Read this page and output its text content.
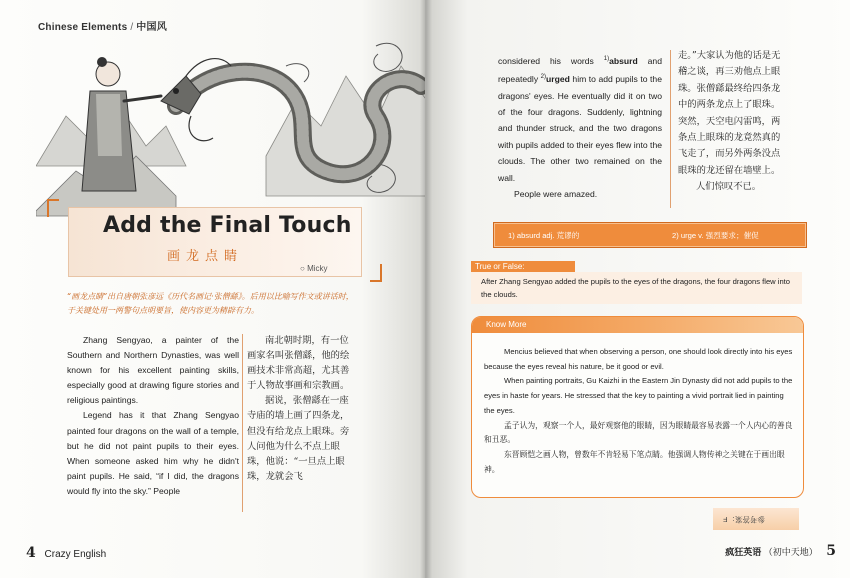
Chinese Elements / 中国风
Add the Final Touch
画龙点睛
○ Micky
“画龙点睛”出自唐朝张彦远《历代名画记·张僧繇》。后用以比喻写作文或讲话时，于关键处用一两警句点明要旨，使内容更为精辟有力。

Zhang Sengyao, a painter of the Southern and Northern Dynasties, was well known for his excellent painting skills, especially good at drawing figure stories and religious paintings.

Legend has it that Zhang Sengyao painted four dragons on the wall of a temple, but he did not paint pupils to their eyes. When someone asked him why he didn't paint pupils. He said, “if I did, the dragons would fly into the sky.” People

南北朝时期，有一位画家名叫张僧繇，他的绘画技术非常高超，尤其善于人物故事画和宗教画。

据说，张僧繇在一座寺庙的墙上画了四条龙，但没有给龙点上眼珠。旁人问他为什么不点上眼珠，他说：“一旦点上眼珠，龙就会飞

4 Crazy English

considered his words $^{1)}$absurd and repeatedly $^{2)}$urged him to add pupils to the dragons' eyes. He eventually did it on two of the four dragons. Suddenly, lightning and thunder struck, and the two dragons with pupils added to their eyes flew into the clouds. The other two remained on the wall.

People were amazed.

走。”大家认为他的话是无稽之谈，再三劝他点上眼珠。张僧繇最终给四条龙中的两条龙点上了眼珠。突然，天空电闪雷鸣，两条点上眼珠的龙竟然真的飞走了，而另外两条没点眼珠的龙还留在墙壁上。

人们惊叹不已。

1) absurd adj. 荒谬的	2) urge v. 强烈要求；催促
True or False:
After Zhang Sengyao added the pupils to the eyes of the dragons, the four dragons flew into the clouds.
Know More

Mencius believed that when observing a person, one should look directly into his eyes because the eyes reveal his nature, be it good or evil.

When painting portraits, Gu Kaizhi in the Eastern Jin Dynasty did not add pupils to the eyes in haste for years. He stressed that the key to painting a vivid portrait lied in painting the eyes.

孟子认为，观察一个人，最好观察他的眼睛，因为眼睛最容易表露一个人内心的善良和丑恶。

东晋顾恺之画人物，曾数年不肯轻易下笔点睛。他强调人物传神之关键在于画出眼神。

参考答案：F
疯狂英语 （初中天地） 5
